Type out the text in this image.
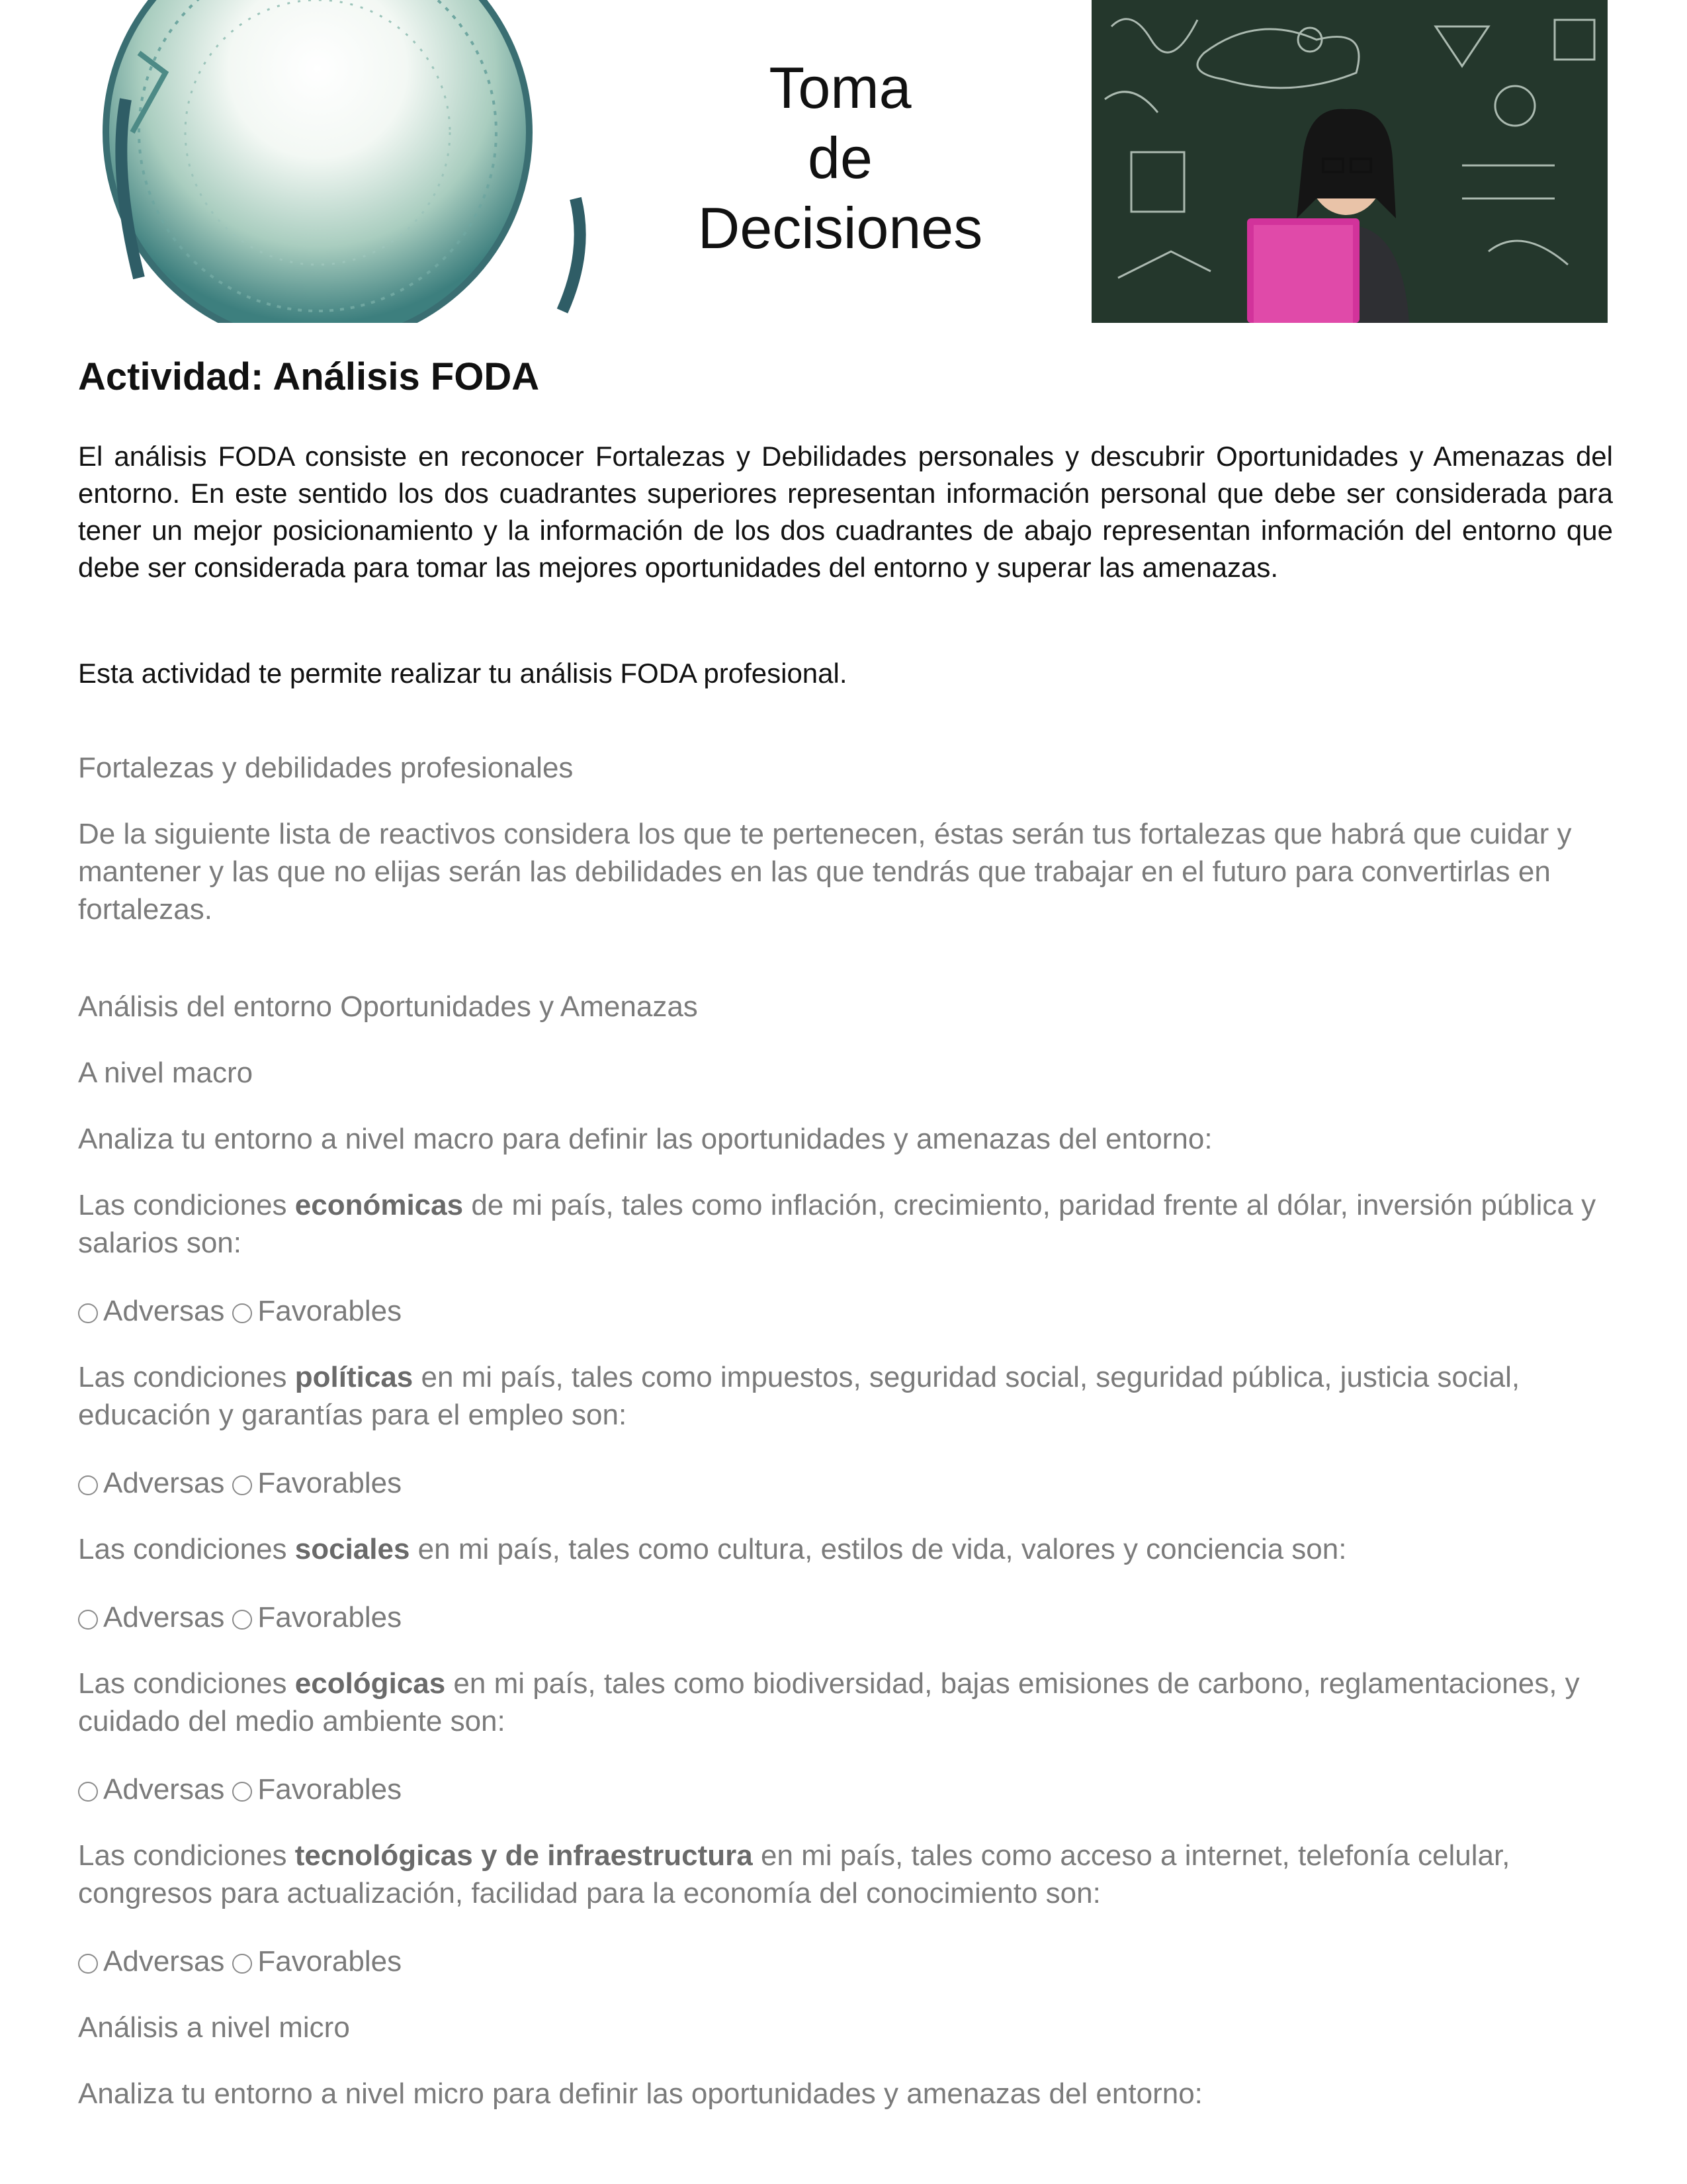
Toma
de
Decisiones
Actividad: Análisis FODA
El análisis FODA consiste en reconocer Fortalezas y Debilidades personales y descubrir Oportunidades y Amenazas del entorno. En este sentido los dos cuadrantes superiores representan información personal que debe ser considerada para tener un mejor posicionamiento y la información de los dos cuadrantes de abajo representan información del entorno que debe ser considerada para tomar las mejores oportunidades del entorno y superar las amenazas.
Esta actividad te permite realizar tu análisis FODA profesional.
Fortalezas y debilidades profesionales
De la siguiente lista de reactivos considera los que te pertenecen, éstas serán tus fortalezas que habrá que cuidar y mantener y las que no elijas serán las debilidades en las que tendrás que trabajar en el futuro para convertirlas en fortalezas.
Análisis del entorno Oportunidades y Amenazas
A nivel macro
Analiza tu entorno a nivel macro para definir las oportunidades y amenazas del entorno:
Las condiciones económicas de mi país, tales como inflación, crecimiento, paridad frente al dólar, inversión pública y salarios son:
Adversas Favorables
Las condiciones políticas en mi país, tales como impuestos, seguridad social, seguridad pública, justicia social, educación y garantías para el empleo son:
Adversas Favorables
Las condiciones sociales en mi país, tales como cultura, estilos de vida, valores y conciencia son:
Adversas Favorables
Las condiciones ecológicas en mi país, tales como biodiversidad, bajas emisiones de carbono, reglamentaciones, y cuidado del medio ambiente son:
Adversas Favorables
Las condiciones tecnológicas y de infraestructura en mi país, tales como acceso a internet, telefonía celular, congresos para actualización, facilidad para la economía del conocimiento son:
Adversas Favorables
Análisis a nivel micro
Analiza tu entorno a nivel micro para definir las oportunidades y amenazas del entorno:
